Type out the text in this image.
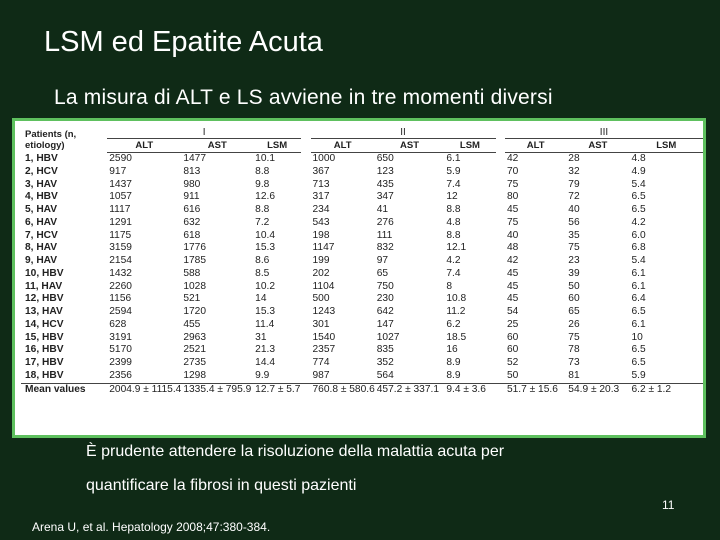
LSM ed Epatite Acuta
La misura di ALT e LS avviene in tre momenti diversi
Patients (n,
etiology)	I				II				III		
	ALT	AST	LSM		ALT	AST	LSM		ALT	AST	LSM
1, HBV	2590	1477	10.1		1000	650	6.1		42	28	4.8
2, HCV	917	813	8.8		367	123	5.9		70	32	4.9
3, HAV	1437	980	9.8		713	435	7.4		75	79	5.4
4, HBV	1057	911	12.6		317	347	12		80	72	6.5
5, HAV	1117	616	8.8		234	41	8.8		45	40	6.5
6, HAV	1291	632	7.2		543	276	4.8		75	56	4.2
7, HCV	1175	618	10.4		198	111	8.8		40	35	6.0
8, HAV	3159	1776	15.3		1147	832	12.1		48	75	6.8
9, HAV	2154	1785	8.6		199	97	4.2		42	23	5.4
10, HBV	1432	588	8.5		202	65	7.4		45	39	6.1
11, HAV	2260	1028	10.2		1104	750	8		45	50	6.1
12, HBV	1156	521	14		500	230	10.8		45	60	6.4
13, HAV	2594	1720	15.3		1243	642	11.2		54	65	6.5
14, HCV	628	455	11.4		301	147	6.2		25	26	6.1
15, HBV	3191	2963	31		1540	1027	18.5		60	75	10
16, HBV	5170	2521	21.3		2357	835	16		60	78	6.5
17, HBV	2399	2735	14.4		774	352	8.9		52	73	6.5
18, HBV	2356	1298	9.9		987	564	8.9		50	81	5.9
Mean values	2004.9 ± 1115.4	1335.4 ± 795.9	12.7 ± 5.7		760.8 ± 580.6	457.2 ± 337.1	9.4 ± 3.6		51.7 ± 15.6	54.9 ± 20.3	6.2 ± 1.2
È prudente attendere la risoluzione della malattia acuta per
quantificare la fibrosi in questi pazienti
11
Arena U, et al. Hepatology 2008;47:380-384.
